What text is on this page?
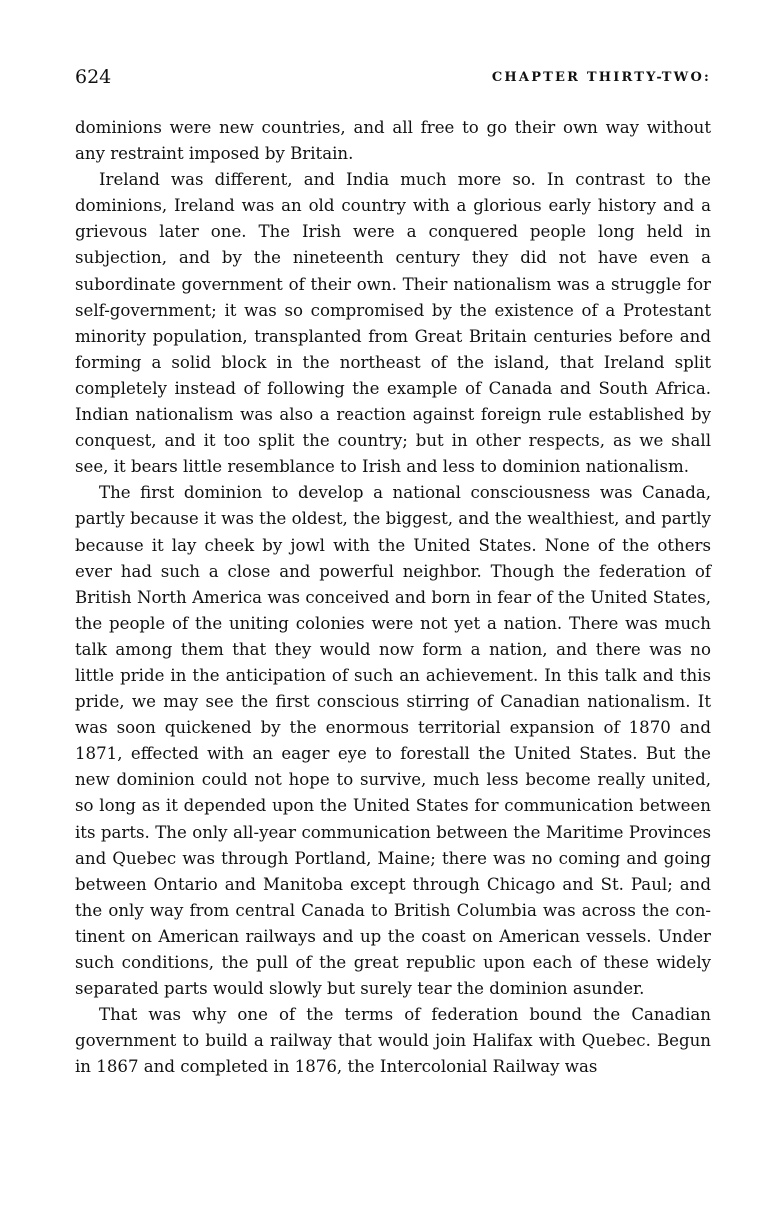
624	CHAPTER THIRTY-TWO:

dominions were new countries, and all free to go their own way without any restraint imposed by Britain.

Ireland was different, and India much more so. In contrast to the dominions, Ireland was an old country with a glorious early history and a grievous later one. The Irish were a conquered people long held in subjection, and by the nineteenth century they did not have even a subordinate government of their own. Their nationalism was a struggle for self-government; it was so compromised by the existence of a Protestant minority population, transplanted from Great Britain centuries before and forming a solid block in the northeast of the island, that Ireland split completely instead of following the example of Canada and South Africa. Indian nationalism was also a reaction against foreign rule established by conquest, and it too split the country; but in other respects, as we shall see, it bears little resemblance to Irish and less to dominion nationalism.

The first dominion to develop a national consciousness was Canada, partly because it was the oldest, the biggest, and the wealthiest, and partly because it lay cheek by jowl with the United States. None of the others ever had such a close and powerful neighbor. Though the federation of British North America was conceived and born in fear of the United States, the people of the uniting colonies were not yet a nation. There was much talk among them that they would now form a nation, and there was no little pride in the anticipation of such an achievement. In this talk and this pride, we may see the first conscious stirring of Canadian nationalism. It was soon quickened by the enormous territorial expansion of 1870 and 1871, effected with an eager eye to forestall the United States. But the new dominion could not hope to survive, much less become really united, so long as it depended upon the United States for communication between its parts. The only all-year communication between the Maritime Provinces and Quebec was through Portland, Maine; there was no coming and going between Ontario and Manitoba except through Chicago and St. Paul; and the only way from central Canada to British Columbia was across the continent on American railways and up the coast on American vessels. Under such conditions, the pull of the great republic upon each of these widely separated parts would slowly but surely tear the dominion asunder.

That was why one of the terms of federation bound the Canadian government to build a railway that would join Halifax with Quebec. Begun in 1867 and completed in 1876, the Intercolonial Railway was
